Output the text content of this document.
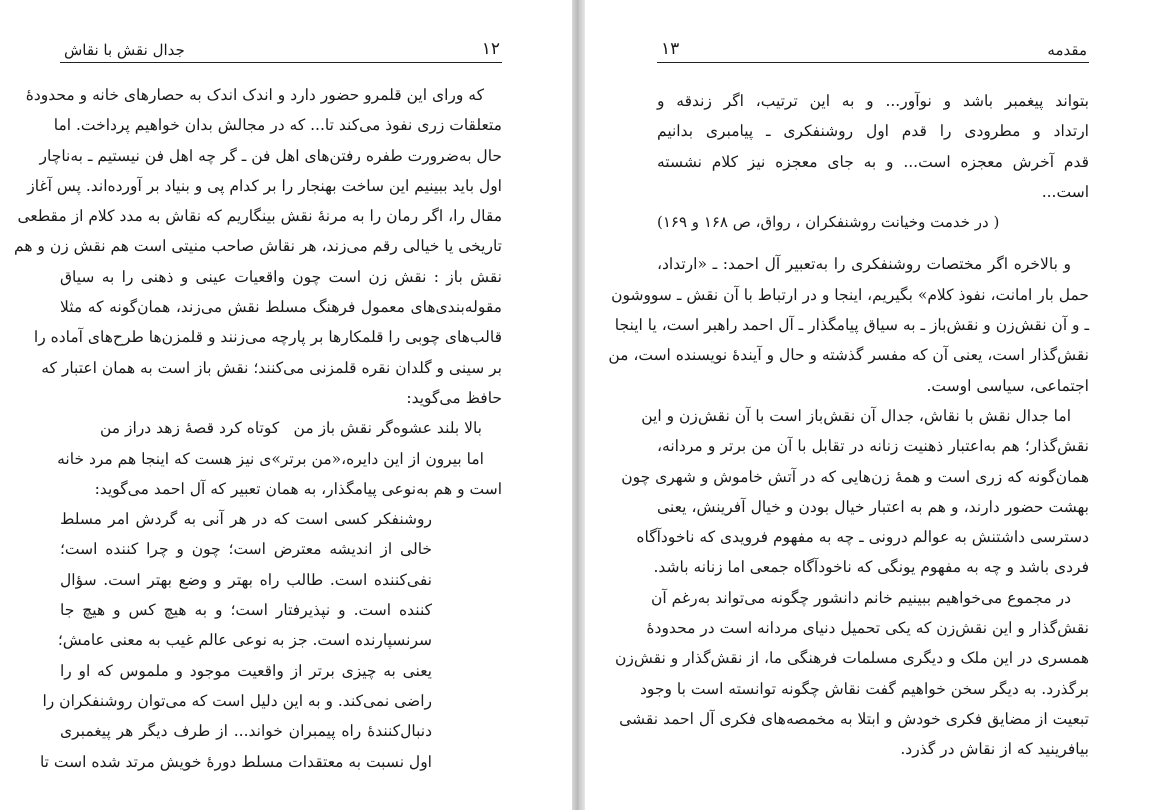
جدال نقش با نقاش	۱۲
که ورای این قلمرو حضور دارد و اندک اندک به حصارهای خانه و محدودهٔ
متعلقات زری نفوذ می‌کند تا... که در مجالش بدان خواهیم پرداخت. اما
حال به‌ضرورت طفره رفتن‌های اهل فن ـ گر چه اهل فن نیستیم ـ به‌ناچار
اول باید ببینیم این ساخت بهنجار را بر کدام پی و بنیاد بر آورده‌اند. پس آغاز
مقال را، اگر رمان را به مرنهٔ نقش بینگاریم که نقاش به مدد کلام از مقطعی
تاریخی یا خیالی رقم می‌زند، هر نقاش صاحب منیتی است هم نقش زن و هم
نقش باز : نقش زن است چون واقعیات عینی و ذهنی را به سیاق
مقوله‌بندی‌های معمول فرهنگ مسلط نقش می‌زند، همان‌گونه که مثلا
قالب‌های چوبی را قلمکارها بر پارچه می‌زنند و قلمزن‌ها طرح‌های آماده را
بر سینی و گلدان نقره قلمزنی می‌کنند؛ نقش باز است به همان اعتبار که
حافظ می‌گوید:
بالا بلند عشوه‌گر نقش باز من
کوتاه کرد قصهٔ زهد دراز من
اما بیرون از این دایره،«من برتر»ی نیز هست که اینجا هم مرد خانه
است و هم به‌نوعی پیامگذار، به همان تعبیر که آل احمد می‌گوید:
روشنفکر کسی است که در هر آنی به گردش امر مسلط
خالی از اندیشه معترض است؛ چون و چرا کننده است؛
نفی‌کننده است. طالب راه بهتر و وضع بهتر است. سؤال
کننده است. و نپذیرفتار است؛ و به هیچ کس و هیچ جا
سرنسپارنده است. جز به نوعی عالم غیب به معنی عامش؛
یعنی به چیزی برتر از واقعیت موجود و ملموس که او را
راضی نمی‌کند. و به این دلیل است که می‌توان روشنفکران را
دنبال‌کنندهٔ راه پیمبران خواند... از طرف دیگر هر پیغمبری
اول نسبت به معتقدات مسلط دورهٔ خویش مرتد شده است تا
مقدمه
۱۳
بتواند پیغمبر باشد و نوآور... و به این ترتیب، اگر زندقه و
ارتداد و مطرودی را قدم اول روشنفکری ـ پیامبری بدانیم
قدم آخرش معجزه است... و به جای معجزه نیز کلام نشسته
است...
( در خدمت وخیانت روشنفکران ، رواق، ص ۱۶۸ و ۱۶۹)
و بالاخره اگر مختصات روشنفکری را به‌تعبیر آل احمد: ـ «ارتداد،
حمل بار امانت، نفوذ کلام» بگیریم، اینجا و در ارتباط با آن نقش ـ سووشون
ـ و آن نقش‌زن و نقش‌باز ـ به سیاق پیامگذار ـ آل احمد راهبر است، یا اینجا
نقش‌گذار است، یعنی آن که مفسر گذشته و حال و آیندهٔ نویسنده است، من
اجتماعی، سیاسی اوست.
اما جدال نقش با نقاش، جدال آن نقش‌باز است با آن نقش‌زن و این
نقش‌گذار؛ هم به‌اعتبار ذهنیت زنانه در تقابل با آن من برتر و مردانه،
همان‌گونه که زری است و همهٔ زن‌هایی که در آتش خاموش و شهری چون
بهشت حضور دارند، و هم به اعتبار خیال بودن و خیال آفرینش، یعنی
دسترسی داشتنش به عوالم درونی ـ چه به مفهوم فرویدی که ناخودآگاه
فردی باشد و چه به مفهوم یونگی که ناخودآگاه جمعی اما زنانه باشد.
در مجموع می‌خواهیم ببینیم خانم دانشور چگونه می‌تواند به‌رغم آن
نقش‌گذار و این نقش‌زن که یکی تحمیل دنیای مردانه است در محدودهٔ
همسری در این ملک و دیگری مسلمات فرهنگی ما، از نقش‌گذار و نقش‌زن
برگذرد. به دیگر سخن خواهیم گفت نقاش چگونه توانسته است با وجود
تبعیت از مضایق فکری خودش و ابتلا به مخمصه‌های فکری آل احمد نقشی
بیافرینید که از نقاش در گذرد.
